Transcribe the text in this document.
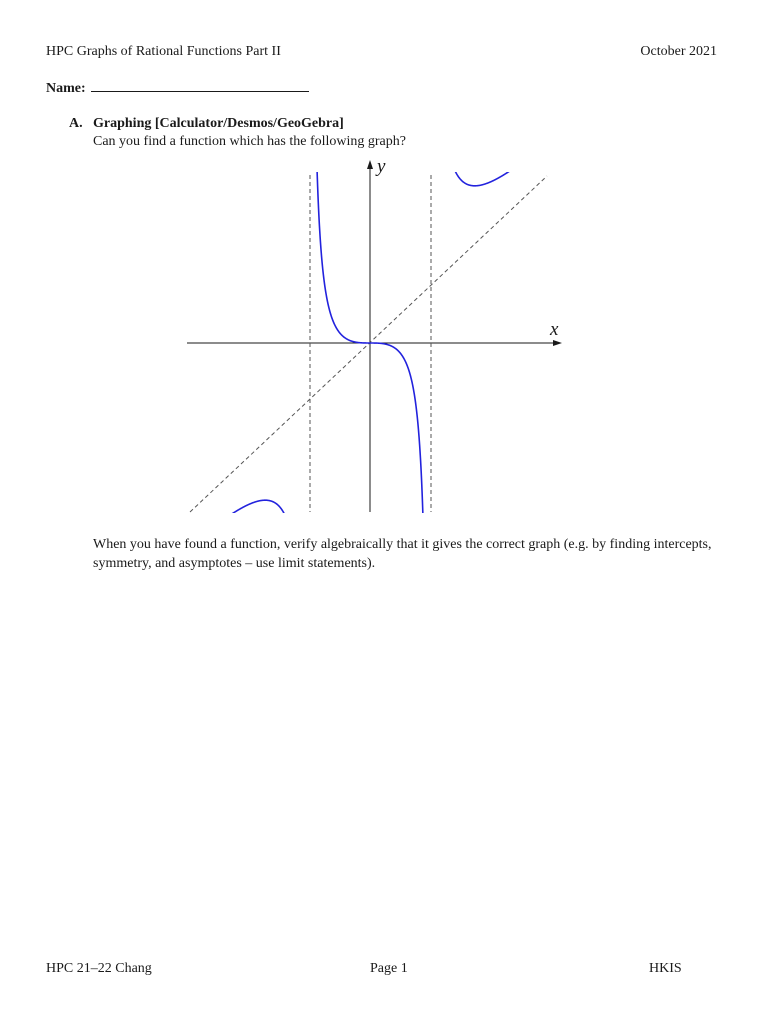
HPC Graphs of Rational Functions Part II	October 2021
Name:
A. Graphing [Calculator/Desmos/GeoGebra]
Can you find a function which has the following graph?
x
y
When you have found a function, verify algebraically that it gives the correct graph (e.g. by finding intercepts, symmetry, and asymptotes – use limit statements).
HPC 21–22 Chang	Page 1	HKIS
